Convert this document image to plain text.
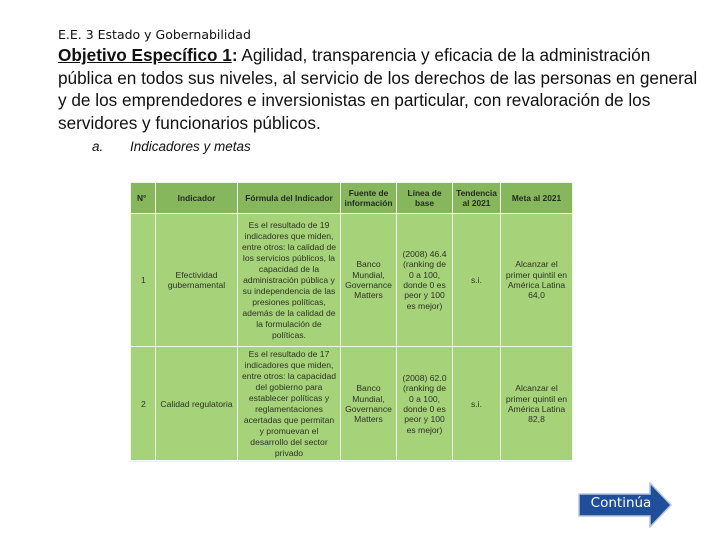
E.E. 3 Estado y Gobernabilidad

Objetivo Específico 1: Agilidad, transparencia y eficacia de la administración pública en todos sus niveles, al servicio de los derechos de las personas en general y de los emprendedores e inversionistas en particular, con revaloración de los servidores y funcionarios públicos.

a. Indicadores y metas
N°	Indicador	Fórmula del Indicador	Fuente de información	Línea de base	Tendencia al 2021	Meta al 2021
1	Efectividad gubernamental	Es el resultado de 19 indicadores que miden, entre otros: la calidad de los servicios públicos, la capacidad de la administración pública y su independencia de las presiones políticas, además de la calidad de la formulación de políticas.	Banco Mundial, Governance Matters	(2008) 46.4 (ranking de 0 a 100, donde 0 es peor y 100 es mejor)	s.i.	Alcanzar el primer quintil en América Latina 64,0
2	Calidad regulatoria	Es el resultado de 17 indicadores que miden, entre otros: la capacidad del gobierno para establecer políticas y reglamentaciones acertadas que permitan y promuevan el desarrollo del sector privado	Banco Mundial, Governance Matters	(2008) 62.0 (ranking de 0 a 100, donde 0 es peor y 100 es mejor)	s.i.	Alcanzar el primer quintil en América Latina 82,8
Continúa
